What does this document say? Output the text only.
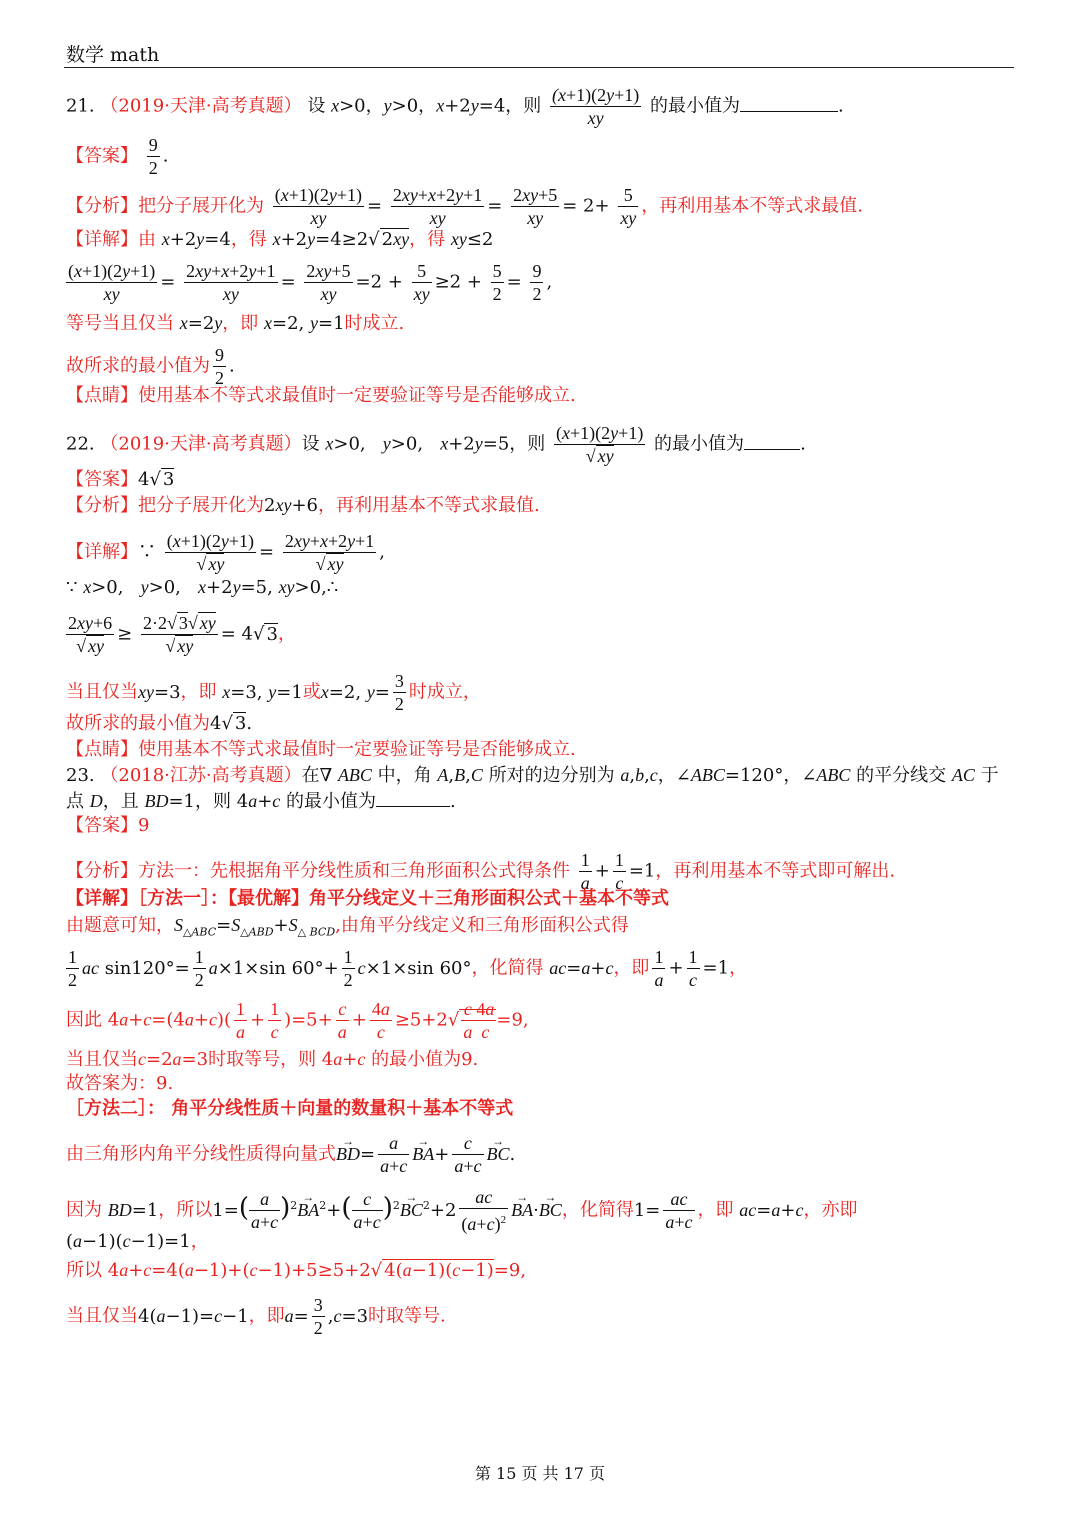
数学 math
21. （2019·天津·高考真题） 设 x>0，y>0，x+2y=4，则 $\frac{(x+1)(2y+1)}{xy}$ 的最小值为	.
【答案】 $\frac{9}{2}$ .
【分析】把分子展开化为 $\frac{(x+1)(2y+1)}{xy} = \frac{2xy+x+2y+1}{xy} = \frac{2xy+5}{xy} = 2+ \frac{5}{xy}$ ，再利用基本不等式求最值.
【详解】由 x+2y=4，得 x+2y=4≥2√ 2xy，得 xy≤2
$\frac{(x+1)(2y+1)}{xy} = \frac{2xy+x+2y+1}{xy} = \frac{2xy+5}{xy} =2 + \frac{5}{xy} \ge 2 + \frac{5}{2} = \frac{9}{2}$ ,
等号当且仅当 x=2y，即 x=2, y=1时成立.
故所求的最小值为 $\frac{9}{2}$ .
【点睛】使用基本不等式求最值时一定要验证等号是否能够成立.
22. （2019·天津·高考真题）设 x>0,   y>0,   x+2y=5，则 $\frac{(x+1)(2y+1)}{√ xy}$ 的最小值为	.
【答案】4√ 3
【分析】把分子展开化为2xy+6，再利用基本不等式求最值.
【详解】∵ $\frac{(x+1)(2y+1)}{√ xy} = \frac{2xy+x+2y+1}{√ xy}$ ,
∵ x>0,   y>0,   x+2y=5, xy>0,∴
$\frac{2xy+6}{√ xy} \ge \frac{2\cdot 2√ 3√ xy}{√ xy} = 4√$ 3，
当且仅当xy=3，即 x=3, y=1或x=2, $y= \frac{3}{2}$ 时成立，
故所求的最小值为4√ 3.
【点睛】使用基本不等式求最值时一定要验证等号是否能够成立.
23. （2018·江苏·高考真题）在∇ ABC 中，角 A,B,C 所对的边分别为 a,b,c，∠ABC=120°，∠ABC 的平分线交 AC 于
点 D，且 BD=1，则 4a+c 的最小值为	.
【答案】9
【分析】方法一：先根据角平分线性质和三角形面积公式得条件 $\frac{1}{a} + \frac{1}{c} =1$，再利用基本不等式即可解出.
【详解】［方法一］：【最优解】角平分线定义＋三角形面积公式＋基本不等式
由题意可知，$S_{\triangle ABC}=S_{\triangle ABD}+S_{\triangle BCD}$,由角平分线定义和三角形面积公式得
$\frac{1}{2}$ ac $\sin 120^\circ= \frac{1}{2} a\times 1\times\sin$ $60^\circ+ \frac{1}{2} c\times 1\times\sin$ 60°，化简得 ac=a+c，即 $\frac{1}{a} + \frac{1}{c} =1$，
因此 $4a+c=(4a+c)( \frac{1}{a} + \frac{1}{c} )=5+ \frac{c}{a} + \frac{4a}{c} \ge 5+2√ \frac{c}{a} \frac{4a}{c} =9$,
当且仅当c=2a=3时取等号，则 4a+c 的最小值为9.
故答案为：9.
［方法二］： 角平分线性质＋向量的数量积＋基本不等式
由三角形内角平分线性质得向量式→ $BD= \frac{a}{a+c}$
→ $BA+ \frac{c}{a+c}$
→ BC.
因为 BD=1，所以$1=( \frac{a}{a+c} )^2\to BA^2+( \frac{c}{a+c} )^2\to BC^2+2 \frac{ac}{(a+c)^2}$
→ BA·→ BC，化简得$1= \frac{ac}{a+c}$ ，即 ac=a+c，亦即
(a−1)(c−1)=1，
所以 4a+c=4(a−1)+(c−1)+5≥5+2√ 4(a−1)(c−1)=9,
当且仅当4(a−1)=c−1，即$a= \frac{3}{2} ,c=3$时取等号.
第 15 页 共 17 页
